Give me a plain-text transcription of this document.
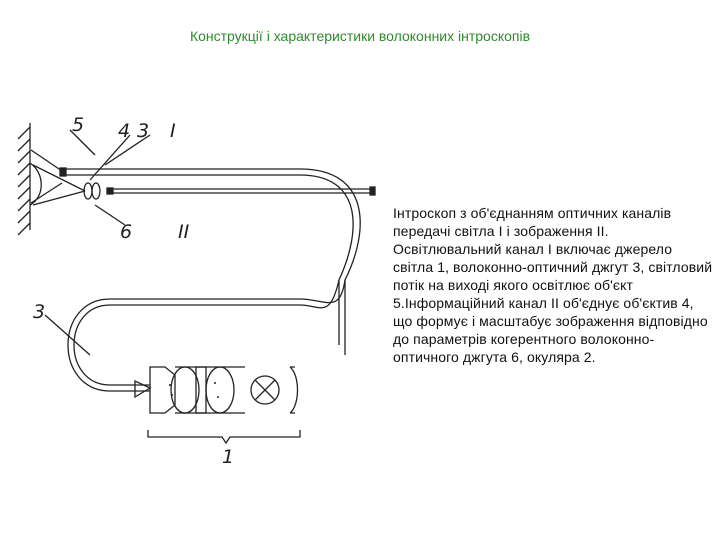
Конструкції і характеристики волоконних інтроскопів
5 4 3 I
6 II
3
1
Інтроскоп з об'єднанням оптичних каналів передачі світла І і зображення ІІ. Освітлювальний канал І включає джерело світла 1, волоконно-оптичний джгут 3, світловий потік на виході якого освітлює об'єкт 5.Інформаційний канал ІІ об'єднує об'єктив 4, що формує і масштабує зображення відповідно до параметрів когерентного волоконно-оптичного джгута 6, окуляра 2.
